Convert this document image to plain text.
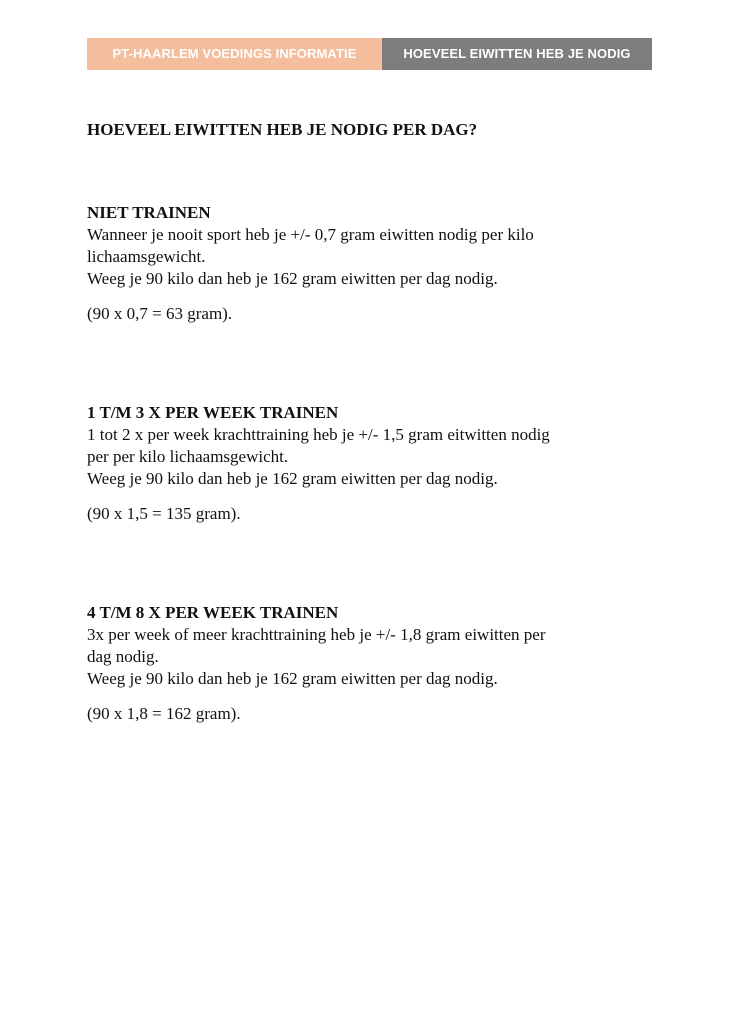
PT-HAARLEM VOEDINGS INFORMATIE	HOEVEEL EIWITTEN HEB JE NODIG
HOEVEEL EIWITTEN HEB JE NODIG PER DAG?
NIET TRAINEN

Wanneer je nooit sport heb je +/- 0,7 gram eiwitten nodig per kilo

lichaamsgewicht.

Weeg je 90 kilo dan heb je 162 gram eiwitten per dag nodig.

(90 x 0,7 = 63 gram).

1 T/M 3 X PER WEEK TRAINEN

1 tot 2 x per week krachttraining heb je +/- 1,5 gram eitwitten nodig

per per kilo lichaamsgewicht.

Weeg je 90 kilo dan heb je 162 gram eiwitten per dag nodig.

(90 x 1,5 = 135 gram).

4 T/M 8 X PER WEEK TRAINEN

3x per week of meer krachttraining heb je +/- 1,8 gram eiwitten per

dag nodig.

Weeg je 90 kilo dan heb je 162 gram eiwitten per dag nodig.

(90 x 1,8 = 162 gram).
